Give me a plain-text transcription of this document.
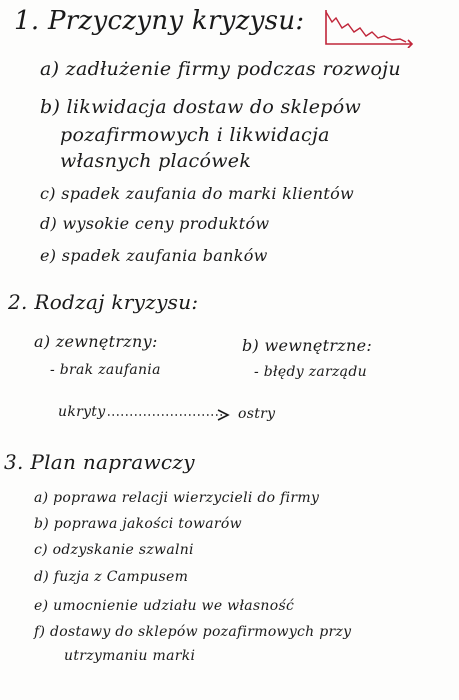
1. Przyczyny kryzysu:
a) zadłużenie firmy podczas rozwoju
b) likwidacja dostaw do sklepów
pozafirmowych i likwidacja
własnych placówek
c) spadek zaufania do marki klientów
d) wysokie ceny produktów
e) spadek zaufania banków
2. Rodzaj kryzysu:
a) zewnętrzny:	b) wewnętrzne:
- brak zaufania	- błędy zarządu
ukryty	ostry
3. Plan naprawczy
a) poprawa relacji wierzycieli do firmy
b) poprawa jakości towarów
c) odzyskanie szwalni
d) fuzja z Campusem
e) umocnienie udziału we własność
f) dostawy do sklepów pozafirmowych przy
utrzymaniu marki
